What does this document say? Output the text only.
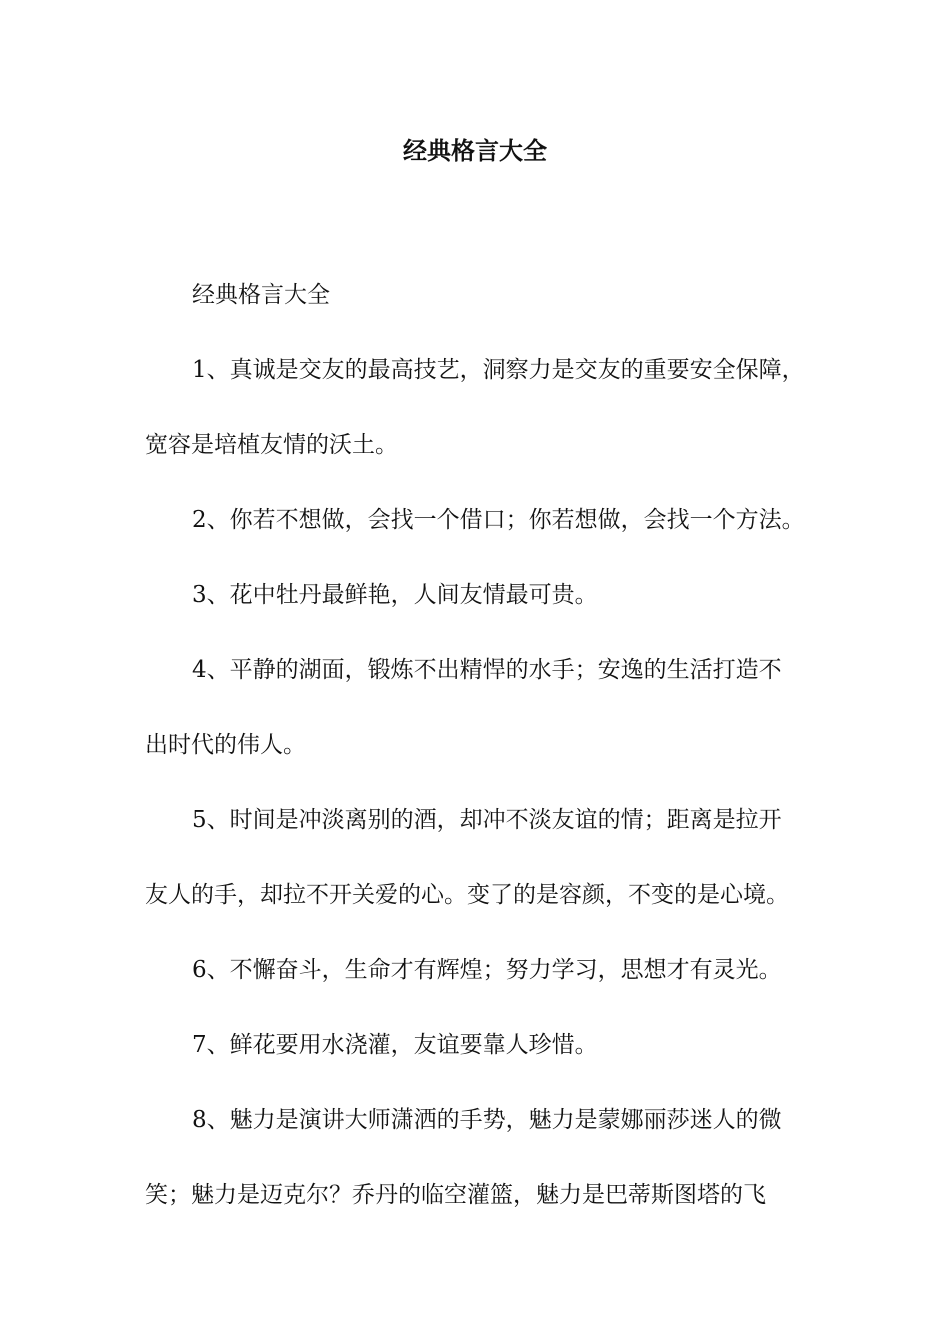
经典格言大全
经典格言大全
1、真诚是交友的最高技艺，洞察力是交友的重要安全保障，
宽容是培植友情的沃土。
2、你若不想做，会找一个借口；你若想做，会找一个方法。
3、花中牡丹最鲜艳，人间友情最可贵。
4、平静的湖面，锻炼不出精悍的水手；安逸的生活打造不
出时代的伟人。
5、时间是冲淡离别的酒，却冲不淡友谊的情；距离是拉开
友人的手，却拉不开关爱的心。变了的是容颜，不变的是心境。
6、不懈奋斗，生命才有辉煌；努力学习，思想才有灵光。
7、鲜花要用水浇灌，友谊要靠人珍惜。
8、魅力是演讲大师潇洒的手势，魅力是蒙娜丽莎迷人的微
笑；魅力是迈克尔？乔丹的临空灌篮，魅力是巴蒂斯图塔的飞
